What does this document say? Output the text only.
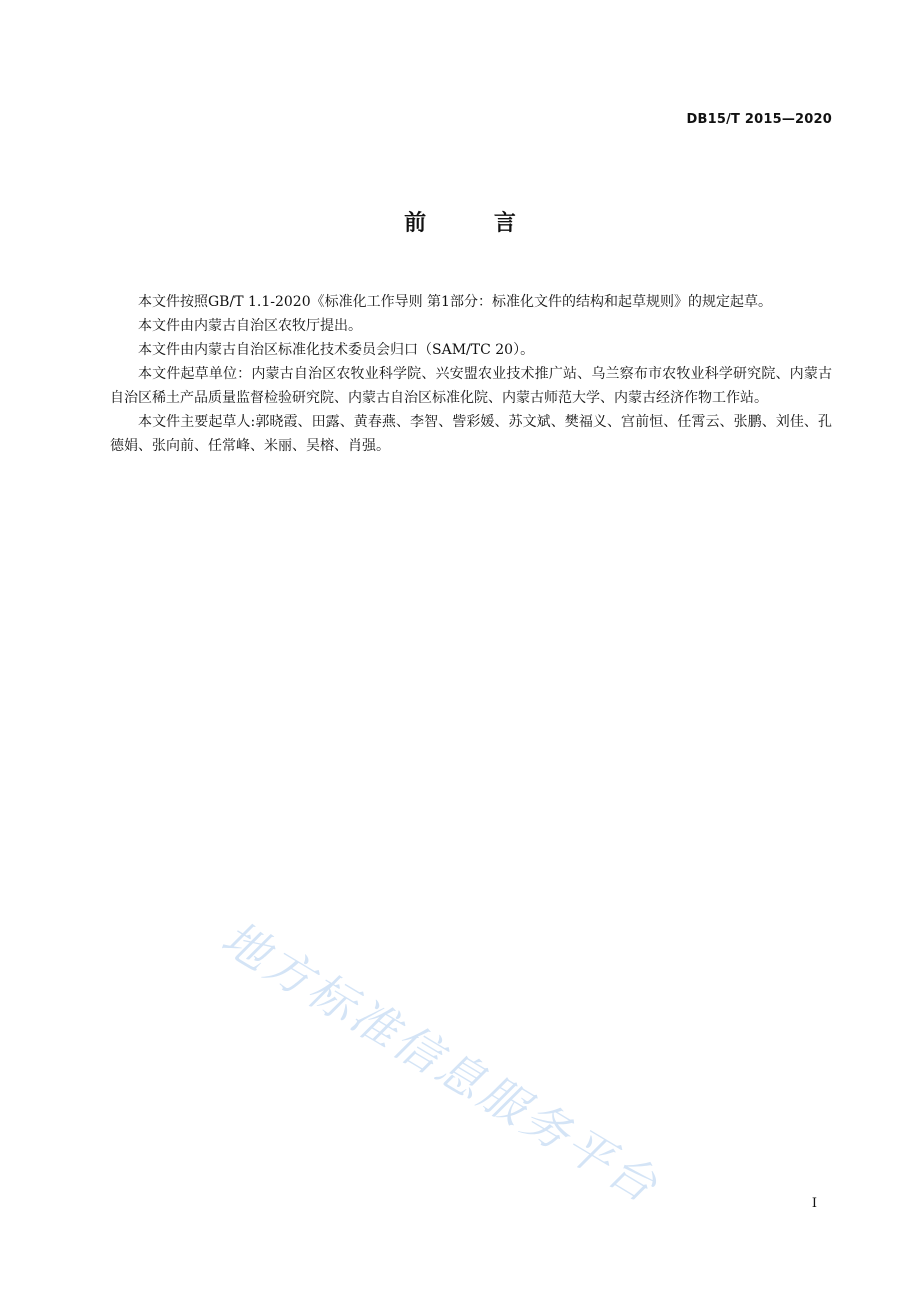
DB15/T 2015—2020
前 言

本文件按照GB/T 1.1-2020《标准化工作导则 第1部分：标准化文件的结构和起草规则》的规定起草。

本文件由内蒙古自治区农牧厅提出。

本文件由内蒙古自治区标准化技术委员会归口（SAM/TC 20）。

本文件起草单位：内蒙古自治区农牧业科学院、兴安盟农业技术推广站、乌兰察布市农牧业科学研究院、内蒙古自治区稀土产品质量监督检验研究院、内蒙古自治区标准化院、内蒙古师范大学、内蒙古经济作物工作站。

本文件主要起草人:郭晓霞、田露、黄春燕、李智、訾彩媛、苏文斌、樊福义、宫前恒、任霄云、张鹏、刘佳、孔德娟、张向前、任常峰、米丽、吴榕、肖强。

地方标准信息服务平台	I
